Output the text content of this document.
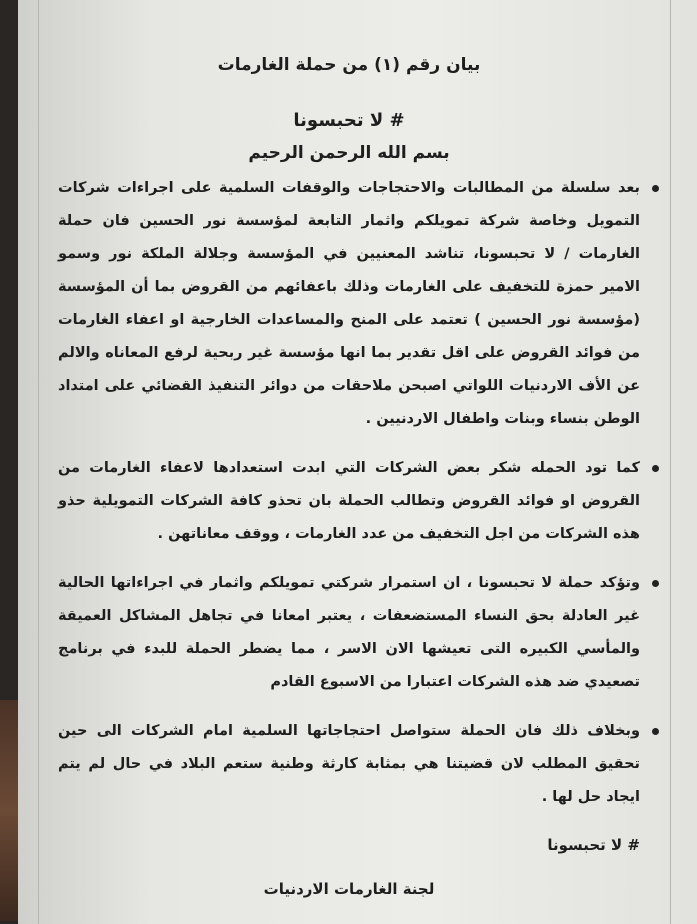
بيان رقم (١) من حملة الغارمات
# لا تحبسونا
بسم الله الرحمن الرحيم
بعد سلسلة من المطالبات والاحتجاجات والوقفات السلمية على اجراءات شركات التمويل وخاصة شركة تمويلكم واثمار التابعة لمؤسسة نور الحسين فان حملة الغارمات / لا تحبسونا، تناشد المعنيين في المؤسسة وجلالة الملكة نور وسمو الامير حمزة للتخفيف على الغارمات وذلك باعفائهم من القروض بما أن المؤسسة (مؤسسة نور الحسين ) تعتمد على المنح والمساعدات الخارجية او اعفاء الغارمات من فوائد القروض على اقل تقدير بما انها مؤسسة غير ربحية لرفع المعاناه والالم عن الأف الاردنيات اللواتي اصبحن ملاحقات من دوائر التنفيذ القضائي على امتداد الوطن بنساء وبنات واطفال الاردنيين .
كما تود الحمله شكر بعض الشركات التي ابدت استعدادها لاعفاء الغارمات من القروض او فوائد القروض وتطالب الحملة بان تحذو كافة الشركات التمويلية حذو هذه الشركات من اجل التخفيف من عدد الغارمات ، ووقف معاناتهن .
وتؤكد حملة لا تحبسونا ، ان استمرار شركتي تمويلكم واثمار في اجراءاتها الحالية غير العادلة بحق النساء المستضعفات ، يعتبر امعانا في تجاهل المشاكل العميقة والمأسي الكبيره التى تعيشها الان الاسر ، مما يضطر الحملة للبدء في برنامج تصعيدي ضد هذه الشركات اعتبارا من الاسبوع القادم
وبخلاف ذلك فان الحملة ستواصل احتجاجاتها السلمية امام الشركات الى حين تحقيق المطلب لان قضيتنا هي بمثابة كارثة وطنية ستعم البلاد في حال لم يتم ايجاد حل لها .
# لا تحبسونا
لجنة الغارمات الاردنيات
